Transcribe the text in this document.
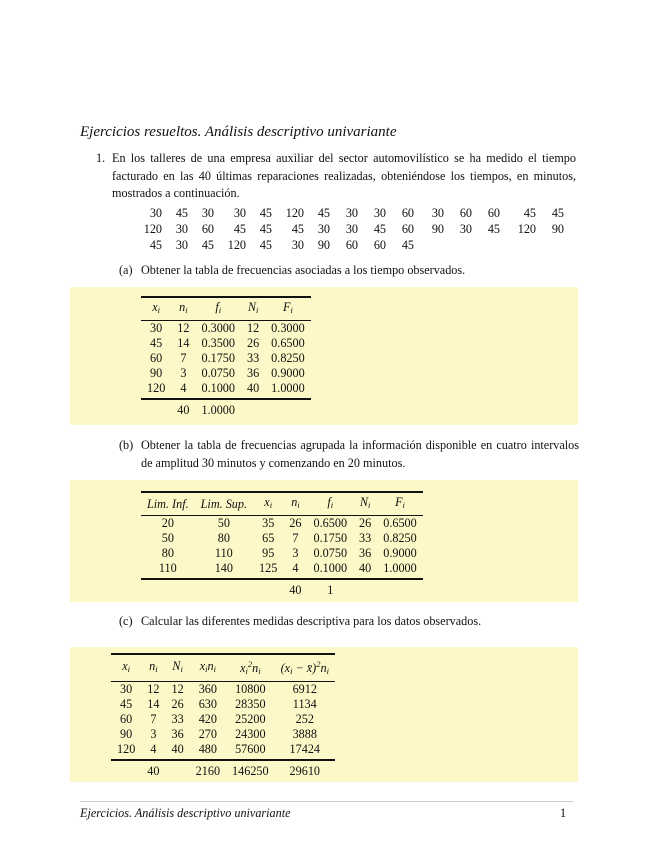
Ejercicios resueltos. Análisis descriptivo univariante
1. En los talleres de una empresa auxiliar del sector automovilístico se ha medido el tiempo facturado en las 40 últimas reparaciones realizadas, obteniéndose los tiempos, en minutos, mostrados a continuación.
30	45	30	30	45	120	45	30	30	60	30	60	60	45	45
120	30	60	45	45	45	30	30	45	60	90	30	45	120	90
45	30	45	120	45	30	90	60	60	45					
(a) Obtener la tabla de frecuencias asociadas a los tiempo observados.
$x_i$	$n_i$	$f_i$	$N_i$	$F_i$
30	12	0.3000	12	0.3000
45	14	0.3500	26	0.6500
60	7	0.1750	33	0.8250
90	3	0.0750	36	0.9000
120	4	0.1000	40	1.0000
	40	1.0000		
(b) Obtener la tabla de frecuencias agrupada la información disponible en cuatro intervalos de amplitud 30 minutos y comenzando en 20 minutos.
Lim. Inf.	Lim. Sup.	$x_i$	$n_i$	$f_i$	$N_i$	$F_i$
20	50	35	26	0.6500	26	0.6500
50	80	65	7	0.1750	33	0.8250
80	110	95	3	0.0750	36	0.9000
110	140	125	4	0.1000	40	1.0000
			40	1		
(c) Calcular las diferentes medidas descriptiva para los datos observados.
$x_i$	$n_i$	$N_i$	$x_in_i$	$x_i^2n_i$	($x_i$ − $x̄)^2n_i$
30	12	12	360	10800	6912
45	14	26	630	28350	1134
60	7	33	420	25200	252
90	3	36	270	24300	3888
120	4	40	480	57600	17424
	40		2160	146250	29610
Ejercicios. Análisis descriptivo univariante	1
